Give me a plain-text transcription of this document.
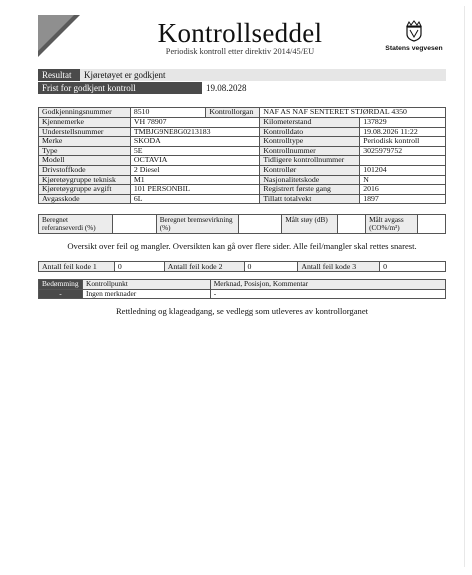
Kontrollseddel
Periodisk kontroll etter direktiv 2014/45/EU	Statens vegvesen
Resultat	Kjøretøyet er godkjent
Frist for godkjent kontroll	19.08.2028
Godkjenningsnummer	8510	Kontrollorgan	NAF AS NAF SENTERET STJØRDAL 4350
Kjennemerke	VH 78907	Kilometerstand	137829
Understellsnummer	TMBJG9NE8G0213183	Kontrolldato	19.08.2026 11:22
Merke	SKODA	Kontrolltype	Periodisk kontroll
Type	5E	Kontrollnummer	3025979752
Modell	OCTAVIA	Tidligere kontrollnummer	
Drivstoffkode	2 Diesel	Kontrollør	101204
Kjøretøygruppe teknisk	M1	Nasjonalitetskode	N
Kjøretøygruppe avgift	101 PERSONBIL	Registrert første gang	2016
Avgasskode	6L	Tillatt totalvekt	1897
Beregnet referanseverdi (%)		Beregnet bremsevirkning (%)		Målt støy (dB)		Målt avgass (CO%/m³)	
Oversikt over feil og mangler. Oversikten kan gå over flere sider. Alle feil/mangler skal rettes snarest.
Antall feil kode 1	0	Antall feil kode 2	0	Antall feil kode 3	0
Bedømming	Kontrollpunkt	Merknad, Posisjon, Kommentar
-	Ingen merknader	-
Rettledning og klageadgang, se vedlegg som utleveres av kontrollorganet
